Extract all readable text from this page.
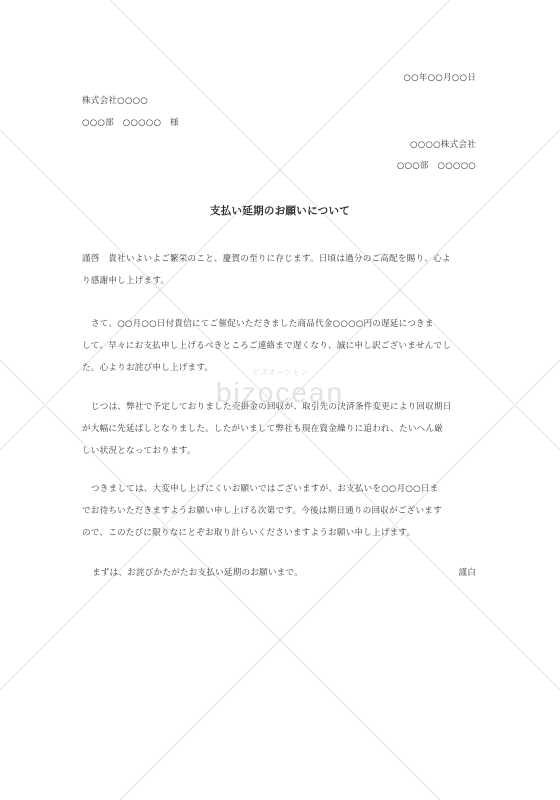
ビズオーシャン
bizocean
○○年○○月○○日
株式会社○○○○
○○○部　○○○○○　様
○○○○株式会社
○○○部　○○○○○
支払い延期のお願いについて
謹啓　貴社いよいよご繁栄のこと、慶賀の至りに存じます。日頃は過分のご高配を賜り、心よ
り感謝申し上げます。
さて、○○月○○日付貴信にてご催促いただきました商品代金○○○○円の遅延につきま
して、早々にお支払申し上げるべきところご連絡まで遅くなり、誠に申し訳ございませんでし
た。心よりお詫び申し上げます。
じつは、弊社で予定しておりました売掛金の回収が、取引先の決済条件変更により回収期日
が大幅に先延ばしとなりました。したがいまして弊社も現在資金繰りに追われ、たいへん厳
しい状況となっております。
つきましては、大変申し上げにくいお願いではございますが、お支払いを○○月○○日ま
でお待ちいただきますようお願い申し上げる次第です。今後は期日通りの回収がございます
ので、このたびに限りなにとぞお取り計らいくださいますようお願い申し上げます。
まずは、お詫びかたがたお支払い延期のお願いまで。	謹白
